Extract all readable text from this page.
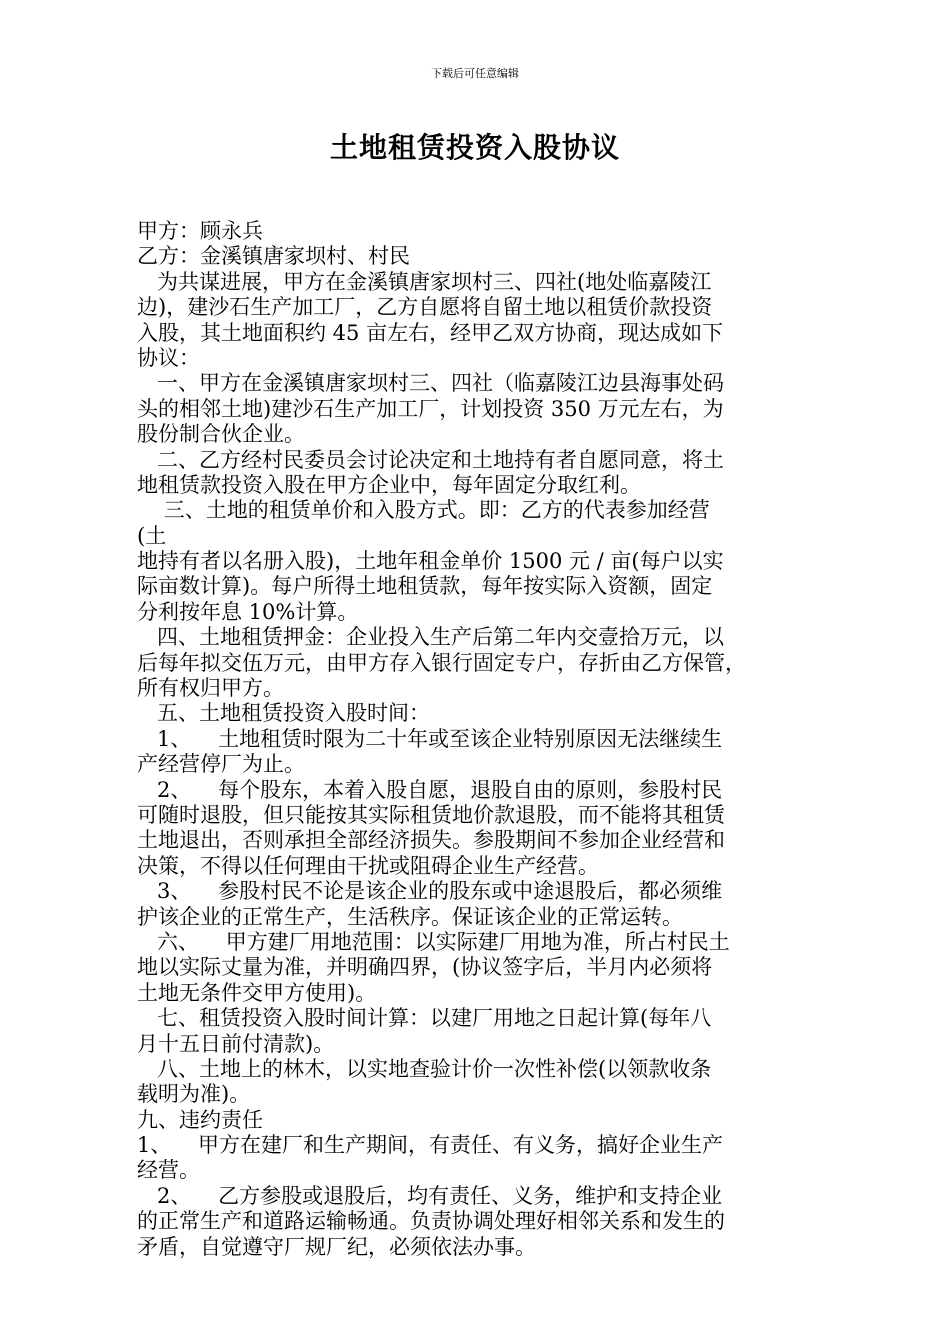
下载后可任意编辑
土地租赁投资入股协议
甲方：顾永兵
乙方：金溪镇唐家坝村、村民
为共谋进展，甲方在金溪镇唐家坝村三、四社(地处临嘉陵江
边)，建沙石生产加工厂，乙方自愿将自留土地以租赁价款投资
入股，其土地面积约 45 亩左右，经甲乙双方协商，现达成如下
协议：
一、甲方在金溪镇唐家坝村三、四社（临嘉陵江边县海事处码
头的相邻土地)建沙石生产加工厂，计划投资 350 万元左右，为
股份制合伙企业。
二、乙方经村民委员会讨论决定和土地持有者自愿同意，将土
地租赁款投资入股在甲方企业中，每年固定分取红利。
三、土地的租赁单价和入股方式。即：乙方的代表参加经营
(土
地持有者以名册入股)，土地年租金单价 1500 元 / 亩(每户以实
际亩数计算)。每户所得土地租赁款，每年按实际入资额，固定
分利按年息 10%计算。
四、土地租赁押金：企业投入生产后第二年内交壹拾万元，以
后每年拟交伍万元，由甲方存入银行固定专户，存折由乙方保管，
所有权归甲方。
五、土地租赁投资入股时间：
1、    土地租赁时限为二十年或至该企业特别原因无法继续生
产经营停厂为止。
2、    每个股东，本着入股自愿，退股自由的原则，参股村民
可随时退股，但只能按其实际租赁地价款退股，而不能将其租赁
土地退出，否则承担全部经济损失。参股期间不参加企业经营和
决策，不得以任何理由干扰或阻碍企业生产经营。
3、    参股村民不论是该企业的股东或中途退股后，都必须维
护该企业的正常生产，生活秩序。保证该企业的正常运转。
六、    甲方建厂用地范围：以实际建厂用地为准，所占村民土
地以实际丈量为准，并明确四界，(协议签字后，半月内必须将
土地无条件交甲方使用)。
七、租赁投资入股时间计算：以建厂用地之日起计算(每年八
月十五日前付清款)。
八、土地上的林木，以实地查验计价一次性补偿(以领款收条
载明为准)。
九、违约责任
1、    甲方在建厂和生产期间，有责任、有义务，搞好企业生产
经营。
2、    乙方参股或退股后，均有责任、义务，维护和支持企业
的正常生产和道路运输畅通。负责协调处理好相邻关系和发生的
矛盾，自觉遵守厂规厂纪，必须依法办事。
